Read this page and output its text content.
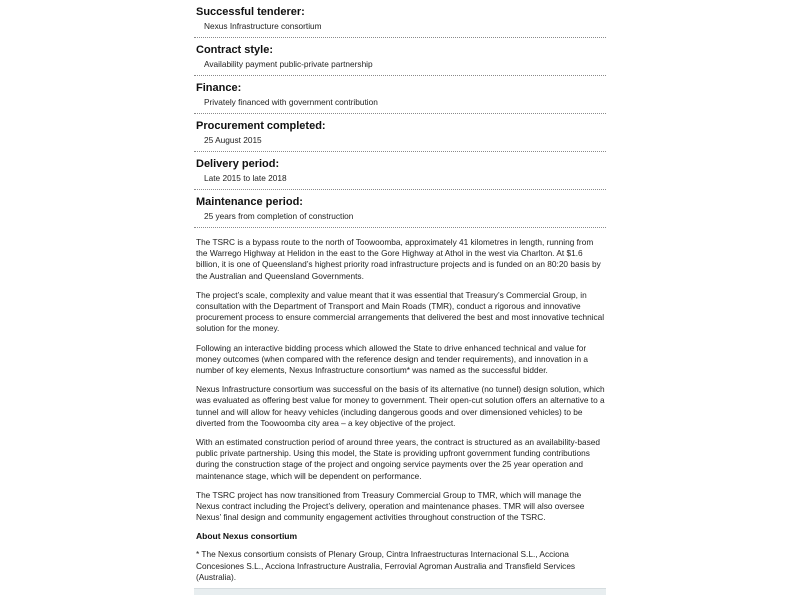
Successful tenderer:
Nexus Infrastructure consortium
Contract style:
Availability payment public-private partnership
Finance:
Privately financed with government contribution
Procurement completed:
25 August 2015
Delivery period:
Late 2015 to late 2018
Maintenance period:
25 years from completion of construction

The TSRC is a bypass route to the north of Toowoomba, approximately 41 kilometres in length, running from the Warrego Highway at Helidon in the east to the Gore Highway at Athol in the west via Charlton. At $1.6 billion, it is one of Queensland’s highest priority road infrastructure projects and is funded on an 80:20 basis by the Australian and Queensland Governments.

The project’s scale, complexity and value meant that it was essential that Treasury’s Commercial Group, in consultation with the Department of Transport and Main Roads (TMR), conduct a rigorous and innovative procurement process to ensure commercial arrangements that delivered the best and most innovative technical solution for the money.

Following an interactive bidding process which allowed the State to drive enhanced technical and value for money outcomes (when compared with the reference design and tender requirements), and innovation in a number of key elements, Nexus Infrastructure consortium* was named as the successful bidder.

Nexus Infrastructure consortium was successful on the basis of its alternative (no tunnel) design solution, which was evaluated as offering best value for money to government. Their open-cut solution offers an alternative to a tunnel and will allow for heavy vehicles (including dangerous goods and over dimensioned vehicles) to be diverted from the Toowoomba city area – a key objective of the project.

With an estimated construction period of around three years, the contract is structured as an availability-based public private partnership. Using this model, the State is providing upfront government funding contributions during the construction stage of the project and ongoing service payments over the 25 year operation and maintenance stage, which will be dependent on performance.

The TSRC project has now transitioned from Treasury Commercial Group to TMR, which will manage the Nexus contract including the Project’s delivery, operation and maintenance phases. TMR will also oversee Nexus’ final design and community engagement activities throughout construction of the TSRC.

About Nexus consortium

* The Nexus consortium consists of Plenary Group, Cintra Infraestructuras Internacional S.L., Acciona Concesiones S.L., Acciona Infrastructure Australia, Ferrovial Agroman Australia and Transfield Services (Australia).
